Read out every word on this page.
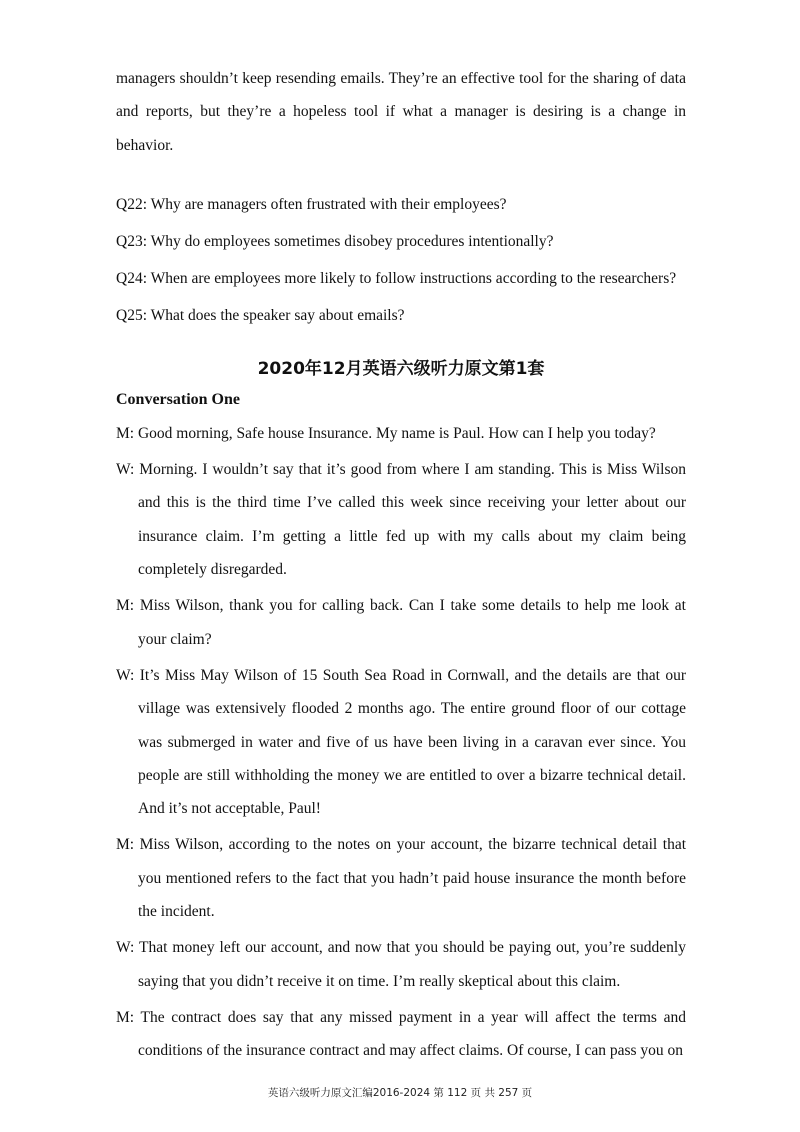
managers shouldn’t keep resending emails. They’re an effective tool for the sharing of data and reports, but they’re a hopeless tool if what a manager is desiring is a change in behavior.

Q22: Why are managers often frustrated with their employees?

Q23: Why do employees sometimes disobey procedures intentionally?

Q24: When are employees more likely to follow instructions according to the researchers?

Q25: What does the speaker say about emails?

2020年12月英语六级听力原文第1套

Conversation One

M: Good morning, Safe house Insurance. My name is Paul. How can I help you today?

W: Morning. I wouldn’t say that it’s good from where I am standing. This is Miss Wilson and this is the third time I’ve called this week since receiving your letter about our insurance claim. I’m getting a little fed up with my calls about my claim being completely disregarded.

M: Miss Wilson, thank you for calling back. Can I take some details to help me look at your claim?

W: It’s Miss May Wilson of 15 South Sea Road in Cornwall, and the details are that our village was extensively flooded 2 months ago. The entire ground floor of our cottage was submerged in water and five of us have been living in a caravan ever since. You people are still withholding the money we are entitled to over a bizarre technical detail. And it’s not acceptable, Paul!

M: Miss Wilson, according to the notes on your account, the bizarre technical detail that you mentioned refers to the fact that you hadn’t paid house insurance the month before the incident.

W: That money left our account, and now that you should be paying out, you’re suddenly saying that you didn’t receive it on time. I’m really skeptical about this claim.

M: The contract does say that any missed payment in a year will affect the terms and conditions of the insurance contract and may affect claims. Of course, I can pass you on

英语六级听力原文汇编2016-2024 第 112 页 共 257 页
